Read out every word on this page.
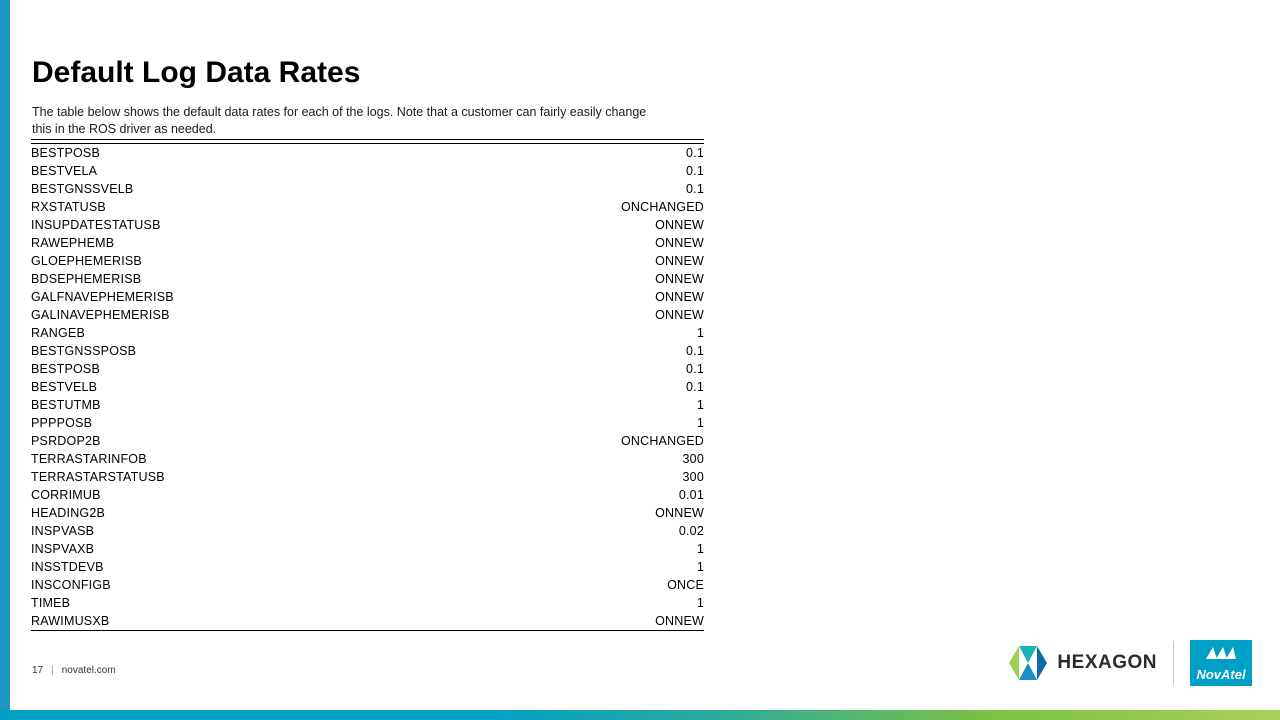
Default Log Data Rates
The table below shows the default data rates for each of the logs. Note that a customer can fairly easily change this in the ROS driver as needed.

BESTPOSB	0.1
BESTVELA	0.1
BESTGNSSVELB	0.1
RXSTATUSB	ONCHANGED
INSUPDATESTATUSB	ONNEW
RAWEPHEMB	ONNEW
GLOEPHEMERISB	ONNEW
BDSEPHEMERISB	ONNEW
GALFNAVEPHEMERISB	ONNEW
GALINAVEPHEMERISB	ONNEW
RANGEB	1
BESTGNSSPOSB	0.1
BESTPOSB	0.1
BESTVELB	0.1
BESTUTMB	1
PPPPOSB	1
PSRDOP2B	ONCHANGED
TERRASTARINFOB	300
TERRASTARSTATUSB	300
CORRIMUB	0.01
HEADING2B	ONNEW
INSPVASB	0.02
INSPVAXB	1
INSSTDEVB	1
INSCONFIGB	ONCE
TIMEB	1
RAWIMUSXB	ONNEW
17 | novatel.com	HEXAGON
NovAtel
